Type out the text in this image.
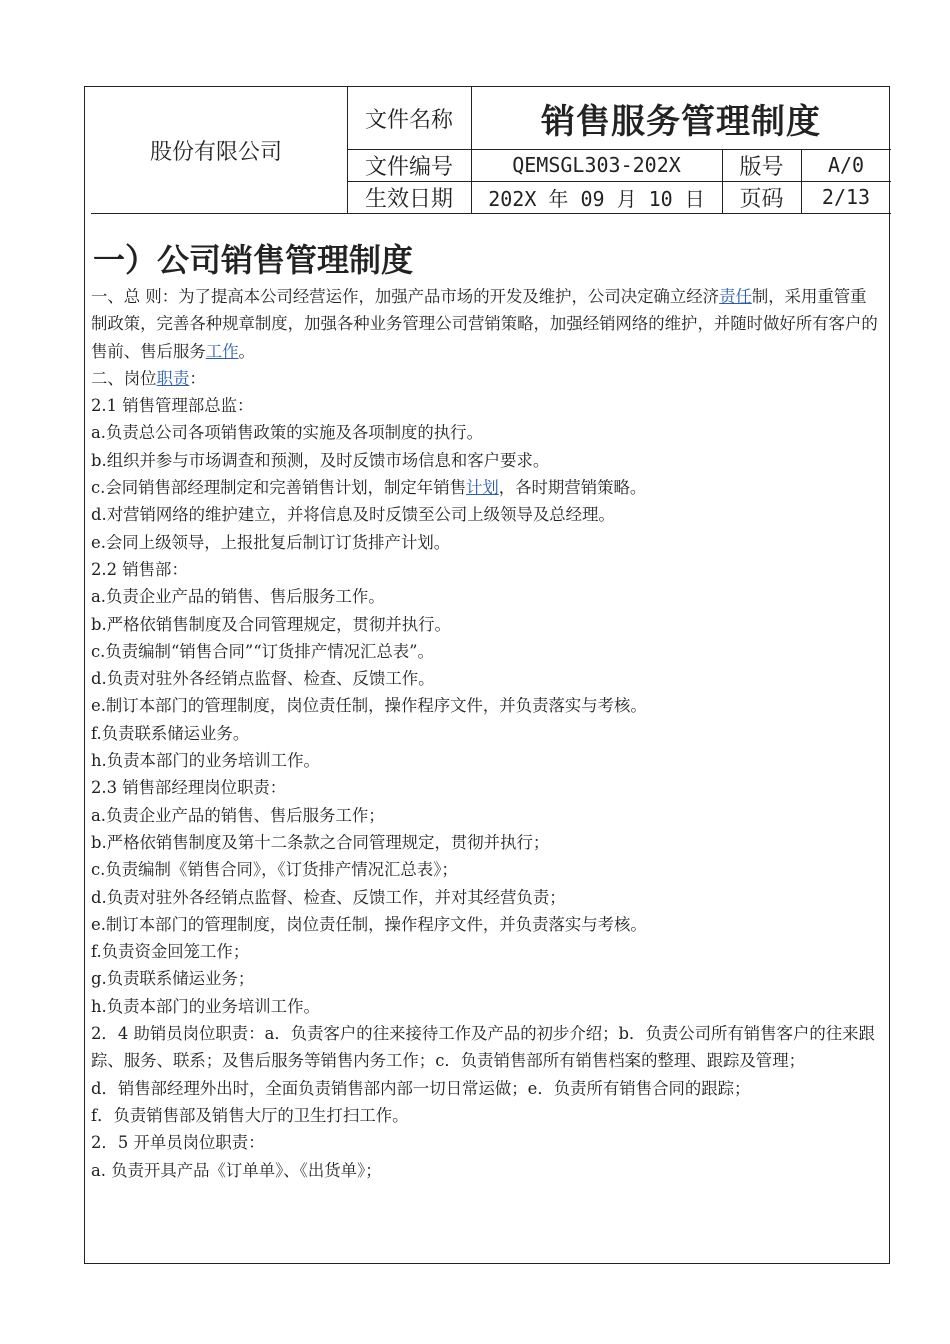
股份有限公司
文件名称	销售服务管理制度
文件编号	QEMSGL303-202X	版号	A/0
生效日期	202X 年 09 月 10 日	页码	2/13
一）公司销售管理制度

一、总 则：为了提高本公司经营运作，加强产品市场的开发及维护，公司决定确立经济责任制，采用重管重制政策，完善各种规章制度，加强各种业务管理公司营销策略，加强经销网络的维护，并随时做好所有客户的售前、售后服务工作。

二、岗位职责：

2.1 销售管理部总监：

a.负责总公司各项销售政策的实施及各项制度的执行。

b.组织并参与市场调查和预测，及时反馈市场信息和客户要求。

c.会同销售部经理制定和完善销售计划，制定年销售计划，各时期营销策略。

d.对营销网络的维护建立，并将信息及时反馈至公司上级领导及总经理。

e.会同上级领导，上报批复后制订订货排产计划。

2.2 销售部：

a.负责企业产品的销售、售后服务工作。

b.严格依销售制度及合同管理规定，贯彻并执行。

c.负责编制“销售合同”“订货排产情况汇总表”。

d.负责对驻外各经销点监督、检查、反馈工作。

e.制订本部门的管理制度，岗位责任制，操作程序文件，并负责落实与考核。

f.负责联系储运业务。

h.负责本部门的业务培训工作。

2.3 销售部经理岗位职责：

a.负责企业产品的销售、售后服务工作；

b.严格依销售制度及第十二条款之合同管理规定，贯彻并执行；

c.负责编制《销售合同》，《订货排产情况汇总表》；

d.负责对驻外各经销点监督、检查、反馈工作，并对其经营负责；

e.制订本部门的管理制度，岗位责任制，操作程序文件，并负责落实与考核。

f.负责资金回笼工作；

g.负责联系储运业务；

h.负责本部门的业务培训工作。

2．4 助销员岗位职责：a．负责客户的往来接待工作及产品的初步介绍；b．负责公司所有销售客户的往来跟踪、服务、联系；及售后服务等销售内务工作；c．负责销售部所有销售档案的整理、跟踪及管理；

d．销售部经理外出时，全面负责销售部内部一切日常运做；e．负责所有销售合同的跟踪；

f．负责销售部及销售大厅的卫生打扫工作。

2．5 开单员岗位职责：

a. 负责开具产品《订单单》、《出货单》；
